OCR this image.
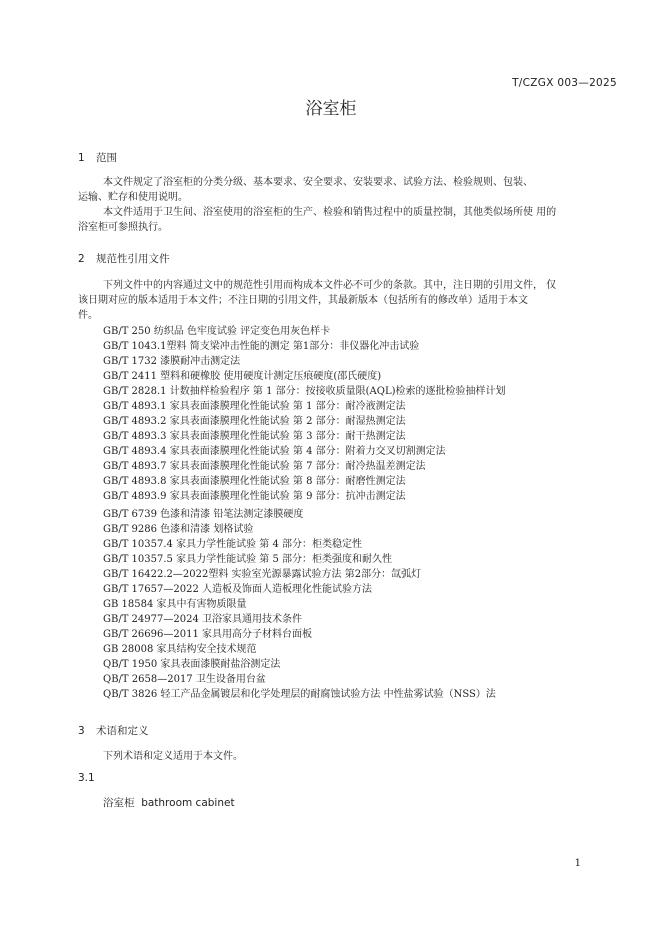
T/CZGX 003—2025
浴室柜
1 范围
本文件规定了浴室柜的分类分级、基本要求、安全要求、安装要求、试验方法、检验规则、包装、
运输、贮存和使用说明。
本文件适用于卫生间、浴室使用的浴室柜的生产、检验和销售过程中的质量控制，其他类似场所使 用的
浴室柜可参照执行。
2 规范性引用文件
下列文件中的内容通过文中的规范性引用而构成本文件必不可少的条款。其中，注日期的引用文件， 仅
该日期对应的版本适用于本文件；不注日期的引用文件，其最新版本（包括所有的修改单）适用于本文
件。
GB/T 250 纺织品 色牢度试验 评定变色用灰色样卡
GB/T 1043.1塑料 简支梁冲击性能的测定 第1部分：非仪器化冲击试验
GB/T 1732 漆膜耐冲击测定法
GB/T 2411 塑料和硬橡胶 使用硬度计测定压痕硬度(邵氏硬度)
GB/T 2828.1 计数抽样检验程序 第 1 部分：按接收质量限(AQL)检索的逐批检验抽样计划
GB/T 4893.1 家具表面漆膜理化性能试验 第 1 部分：耐冷液测定法
GB/T 4893.2 家具表面漆膜理化性能试验 第 2 部分：耐湿热测定法
GB/T 4893.3 家具表面漆膜理化性能试验 第 3 部分：耐干热测定法
GB/T 4893.4 家具表面漆膜理化性能试验 第 4 部分：附着力交叉切割测定法
GB/T 4893.7 家具表面漆膜理化性能试验 第 7 部分：耐冷热温差测定法
GB/T 4893.8 家具表面漆膜理化性能试验 第 8 部分：耐磨性测定法
GB/T 4893.9 家具表面漆膜理化性能试验 第 9 部分：抗冲击测定法
GB/T 6739 色漆和清漆 铅笔法测定漆膜硬度
GB/T 9286 色漆和清漆 划格试验
GB/T 10357.4 家具力学性能试验 第 4 部分：柜类稳定性
GB/T 10357.5 家具力学性能试验 第 5 部分：柜类强度和耐久性
GB/T 16422.2—2022塑料 实验室光源暴露试验方法 第2部分：氙弧灯
GB/T 17657—2022 人造板及饰面人造板理化性能试验方法
GB 18584 家具中有害物质限量
GB/T 24977—2024 卫浴家具通用技术条件
GB/T 26696—2011 家具用高分子材料台面板
GB 28008 家具结构安全技术规范
QB/T 1950 家具表面漆膜耐盐浴测定法
QB/T 2658—2017 卫生设备用台盆
QB/T 3826 轻工产品金属镀层和化学处理层的耐腐蚀试验方法 中性盐雾试验（NSS）法
3 术语和定义
下列术语和定义适用于本文件。
3.1
浴室柜 bathroom cabinet
1
